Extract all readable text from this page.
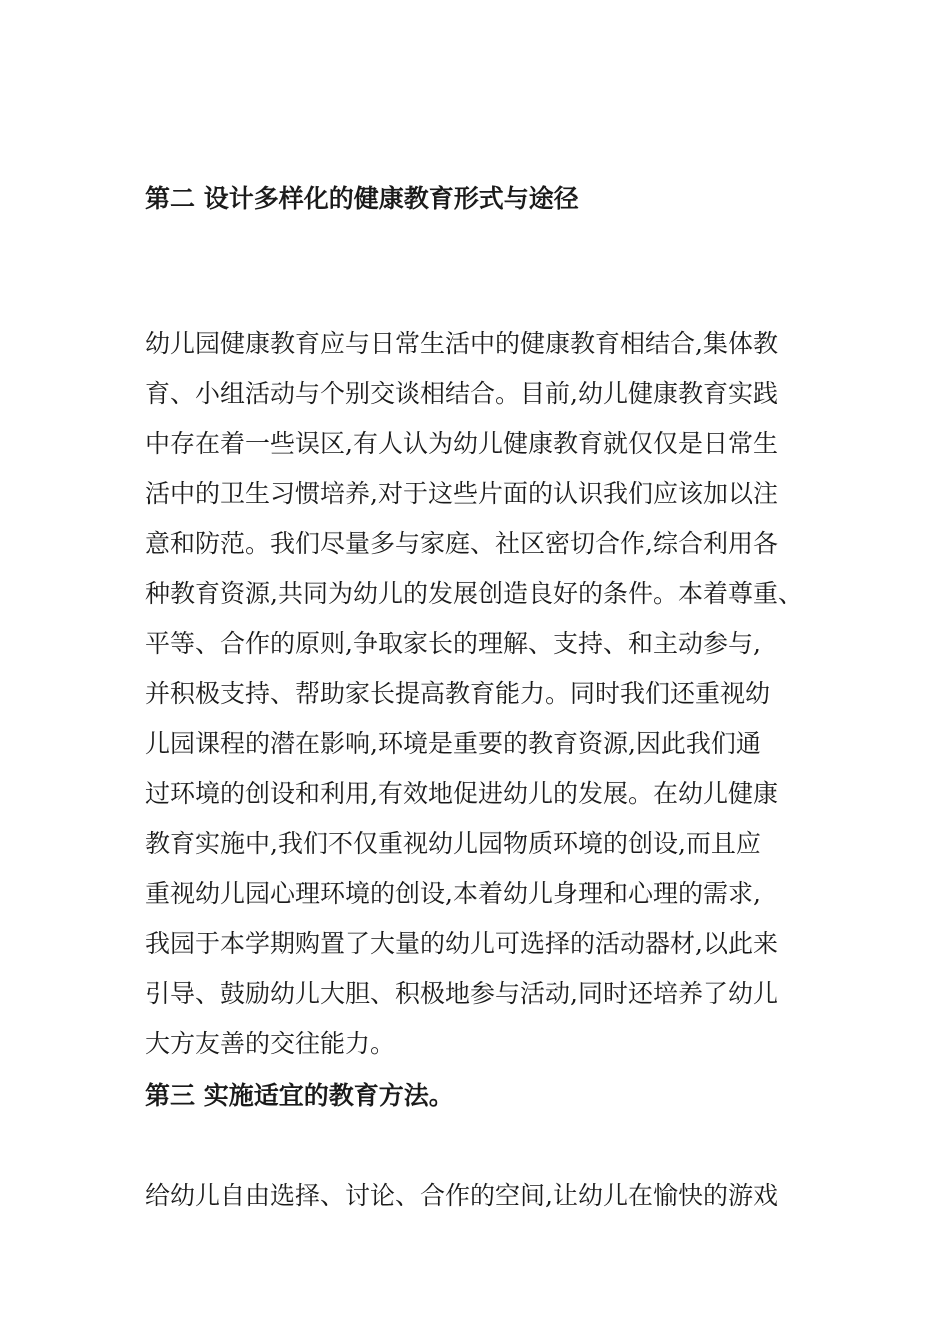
第二 设计多样化的健康教育形式与途径

幼儿园健康教育应与日常生活中的健康教育相结合,集体教

育、小组活动与个别交谈相结合。目前,幼儿健康教育实践

中存在着一些误区,有人认为幼儿健康教育就仅仅是日常生

活中的卫生习惯培养,对于这些片面的认识我们应该加以注

意和防范。我们尽量多与家庭、社区密切合作,综合利用各

种教育资源,共同为幼儿的发展创造良好的条件。本着尊重、

平等、合作的原则,争取家长的理解、支持、和主动参与,

并积极支持、帮助家长提高教育能力。同时我们还重视幼

儿园课程的潜在影响,环境是重要的教育资源,因此我们通

过环境的创设和利用,有效地促进幼儿的发展。在幼儿健康

教育实施中,我们不仅重视幼儿园物质环境的创设,而且应

重视幼儿园心理环境的创设,本着幼儿身理和心理的需求,

我园于本学期购置了大量的幼儿可选择的活动器材,以此来

引导、鼓励幼儿大胆、积极地参与活动,同时还培养了幼儿

大方友善的交往能力。

第三 实施适宜的教育方法。

给幼儿自由选择、讨论、合作的空间,让幼儿在愉快的游戏
